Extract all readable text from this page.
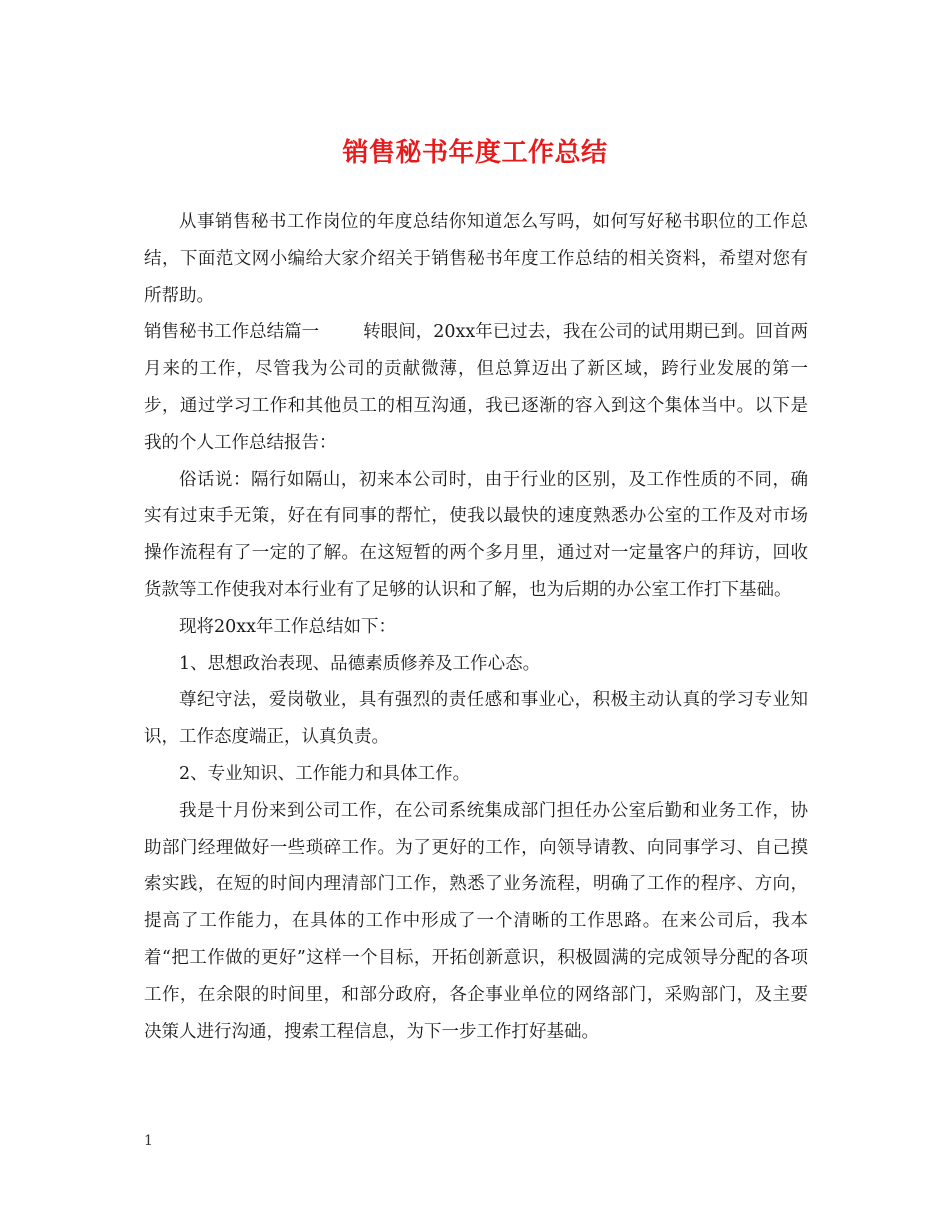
销售秘书年度工作总结

从事销售秘书工作岗位的年度总结你知道怎么写吗，如何写好秘书职位的工作总结，下面范文网小编给大家介绍关于销售秘书年度工作总结的相关资料，希望对您有所帮助。

销售秘书工作总结篇一	转眼间，20xx年已过去，我在公司的试用期已到。回首两月来的工作，尽管我为公司的贡献微薄，但总算迈出了新区域，跨行业发展的第一步，通过学习工作和其他员工的相互沟通，我已逐渐的容入到这个集体当中。以下是我的个人工作总结报告：

俗话说：隔行如隔山，初来本公司时，由于行业的区别，及工作性质的不同，确实有过束手无策，好在有同事的帮忙，使我以最快的速度熟悉办公室的工作及对市场操作流程有了一定的了解。在这短暂的两个多月里，通过对一定量客户的拜访，回收货款等工作使我对本行业有了足够的认识和了解，也为后期的办公室工作打下基础。

现将20xx年工作总结如下：

1、思想政治表现、品德素质修养及工作心态。

尊纪守法，爱岗敬业，具有强烈的责任感和事业心，积极主动认真的学习专业知识，工作态度端正，认真负责。

2、专业知识、工作能力和具体工作。

我是十月份来到公司工作，在公司系统集成部门担任办公室后勤和业务工作，协助部门经理做好一些琐碎工作。为了更好的工作，向领导请教、向同事学习、自己摸索实践，在短的时间内理清部门工作，熟悉了业务流程，明确了工作的程序、方向，提高了工作能力，在具体的工作中形成了一个清晰的工作思路。在来公司后，我本着“把工作做的更好”这样一个目标，开拓创新意识，积极圆满的完成领导分配的各项工作，在余限的时间里，和部分政府，各企事业单位的网络部门，采购部门，及主要决策人进行沟通，搜索工程信息，为下一步工作打好基础。

1
